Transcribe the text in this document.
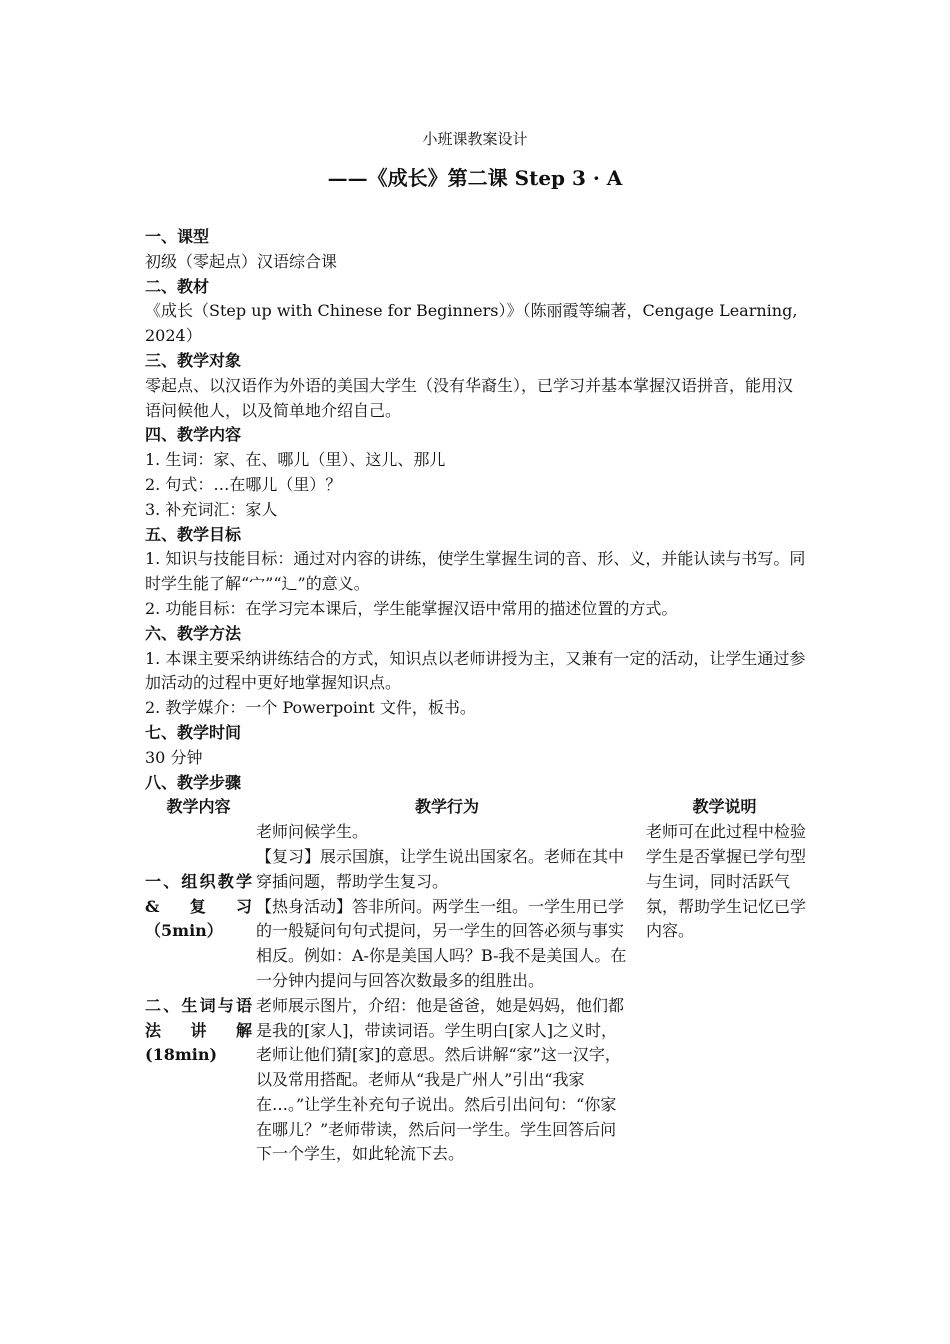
小班课教案设计
——《成长》第二课 Step 3 · A
一、课型
初级（零起点）汉语综合课
二、教材
《成长（Step up with Chinese for Beginners）》（陈丽霞等编著，Cengage Learning, 2024）
三、教学对象
零起点、以汉语作为外语的美国大学生（没有华裔生），已学习并基本掌握汉语拼音，能用汉语问候他人，以及简单地介绍自己。
四、教学内容
1. 生词：家、在、哪儿（里）、这儿、那儿
2. 句式：…在哪儿（里）？
3. 补充词汇：家人
五、教学目标
1. 知识与技能目标：通过对内容的讲练，使学生掌握生词的音、形、义，并能认读与书写。同时学生能了解“宀”“辶”的意义。
2. 功能目标：在学习完本课后，学生能掌握汉语中常用的描述位置的方式。
六、教学方法
1. 本课主要采纳讲练结合的方式，知识点以老师讲授为主，又兼有一定的活动，让学生通过参加活动的过程中更好地掌握知识点。
2. 教学媒介：一个 Powerpoint 文件，板书。
七、教学时间
30 分钟
八、教学步骤
教学内容	教学行为	教学说明
一、组织教学&复习（5min）	老师问候学生。
【复习】展示国旗，让学生说出国家名。老师在其中穿插问题，帮助学生复习。
【热身活动】答非所问。两学生一组。一学生用已学的一般疑问句句式提问，另一学生的回答必须与事实相反。例如：A-你是美国人吗？B-我不是美国人。在一分钟内提问与回答次数最多的组胜出。	老师可在此过程中检验学生是否掌握已学句型与生词，同时活跃气氛，帮助学生记忆已学内容。
二、生词与语法讲解(18min)	老师展示图片，介绍：他是爸爸，她是妈妈，他们都是我的[家人]，带读词语。学生明白[家人]之义时，老师让他们猜[家]的意思。然后讲解“家”这一汉字，以及常用搭配。老师从“我是广州人”引出“我家在…。”让学生补充句子说出。然后引出问句：“你家在哪儿？”老师带读，然后问一学生。学生回答后问下一个学生，如此轮流下去。	
